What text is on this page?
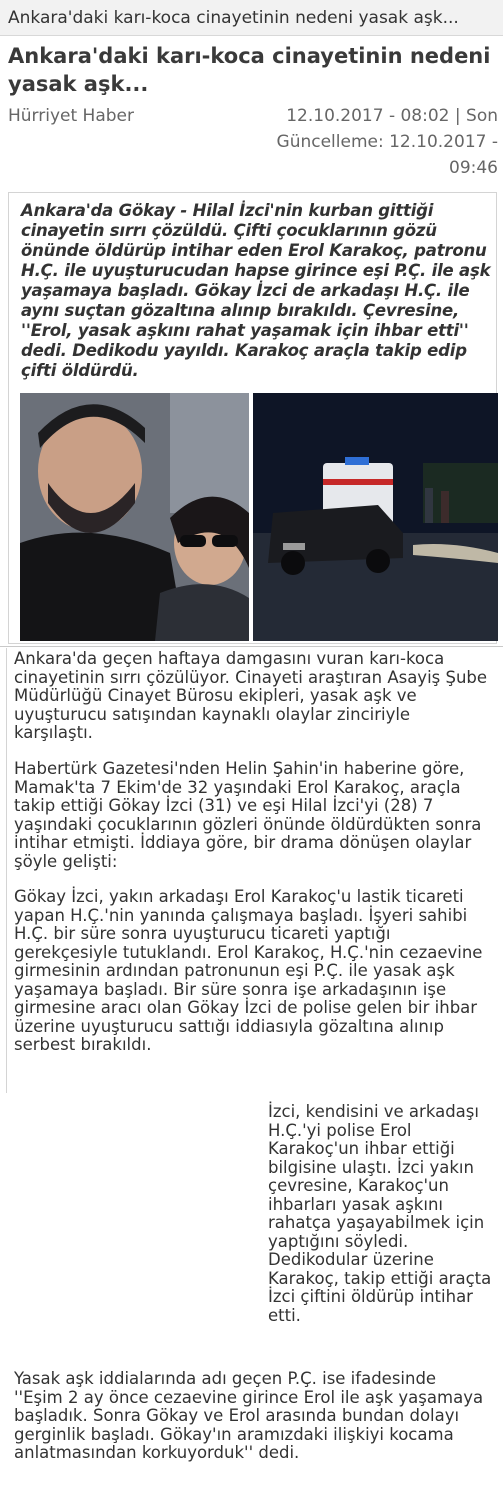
Ankara'daki karı-koca cinayetinin nedeni yasak aşk...
Ankara'daki karı-koca cinayetinin nedeni yasak aşk...
Hürriyet Haber	12.10.2017 - 08:02 | Son
Güncelleme: 12.10.2017 -
09:46

Ankara'da Gökay - Hilal İzci'nin kurban gittiği cinayetin sırrı çözüldü. Çifti çocuklarının gözü önünde öldürüp intihar eden Erol Karakoç, patronu H.Ç. ile uyuşturucudan hapse girince eşi P.Ç. ile aşk yaşamaya başladı. Gökay İzci de arkadaşı H.Ç. ile aynı suçtan gözaltına alınıp bırakıldı. Çevresine, ''Erol, yasak aşkını rahat yaşamak için ihbar etti'' dedi. Dedikodu yayıldı. Karakoç araçla takip edip çifti öldürdü.

Ankara'da geçen haftaya damgasını vuran karı-koca cinayetinin sırrı çözülüyor. Cinayeti araştıran Asayiş Şube Müdürlüğü Cinayet Bürosu ekipleri, yasak aşk ve uyuşturucu satışından kaynaklı olaylar zinciriyle karşılaştı.

Habertürk Gazetesi'nden Helin Şahin'in haberine göre, Mamak'ta 7 Ekim'de 32 yaşındaki Erol Karakoç, araçla takip ettiği Gökay İzci (31) ve eşi Hilal İzci'yi (28) 7 yaşındaki çocuklarının gözleri önünde öldürdükten sonra intihar etmişti. İddiaya göre, bir drama dönüşen olaylar şöyle gelişti:

Gökay İzci, yakın arkadaşı Erol Karakoç'u lastik ticareti yapan H.Ç.'nin yanında çalışmaya başladı. İşyeri sahibi H.Ç. bir süre sonra uyuşturucu ticareti yaptığı gerekçesiyle tutuklandı. Erol Karakoç, H.Ç.'nin cezaevine girmesinin ardından patronunun eşi P.Ç. ile yasak aşk yaşamaya başladı. Bir süre sonra işe arkadaşının işe girmesine aracı olan Gökay İzci de polise gelen bir ihbar üzerine uyuşturucu sattığı iddiasıyla gözaltına alınıp serbest bırakıldı.

İzci, kendisini ve arkadaşı H.Ç.'yi polise Erol Karakoç'un ihbar ettiği bilgisine ulaştı. İzci yakın çevresine, Karakoç'un ihbarları yasak aşkını rahatça yaşayabilmek için yaptığını söyledi. Dedikodular üzerine Karakoç, takip ettiği araçta İzci çiftini öldürüp intihar etti.

Yasak aşk iddialarında adı geçen P.Ç. ise ifadesinde ''Eşim 2 ay önce cezaevine girince Erol ile aşk yaşamaya başladık. Sonra Gökay ve Erol arasında bundan dolayı gerginlik başladı. Gökay'ın aramızdaki ilişkiyi kocama anlatmasından korkuyorduk'' dedi.
